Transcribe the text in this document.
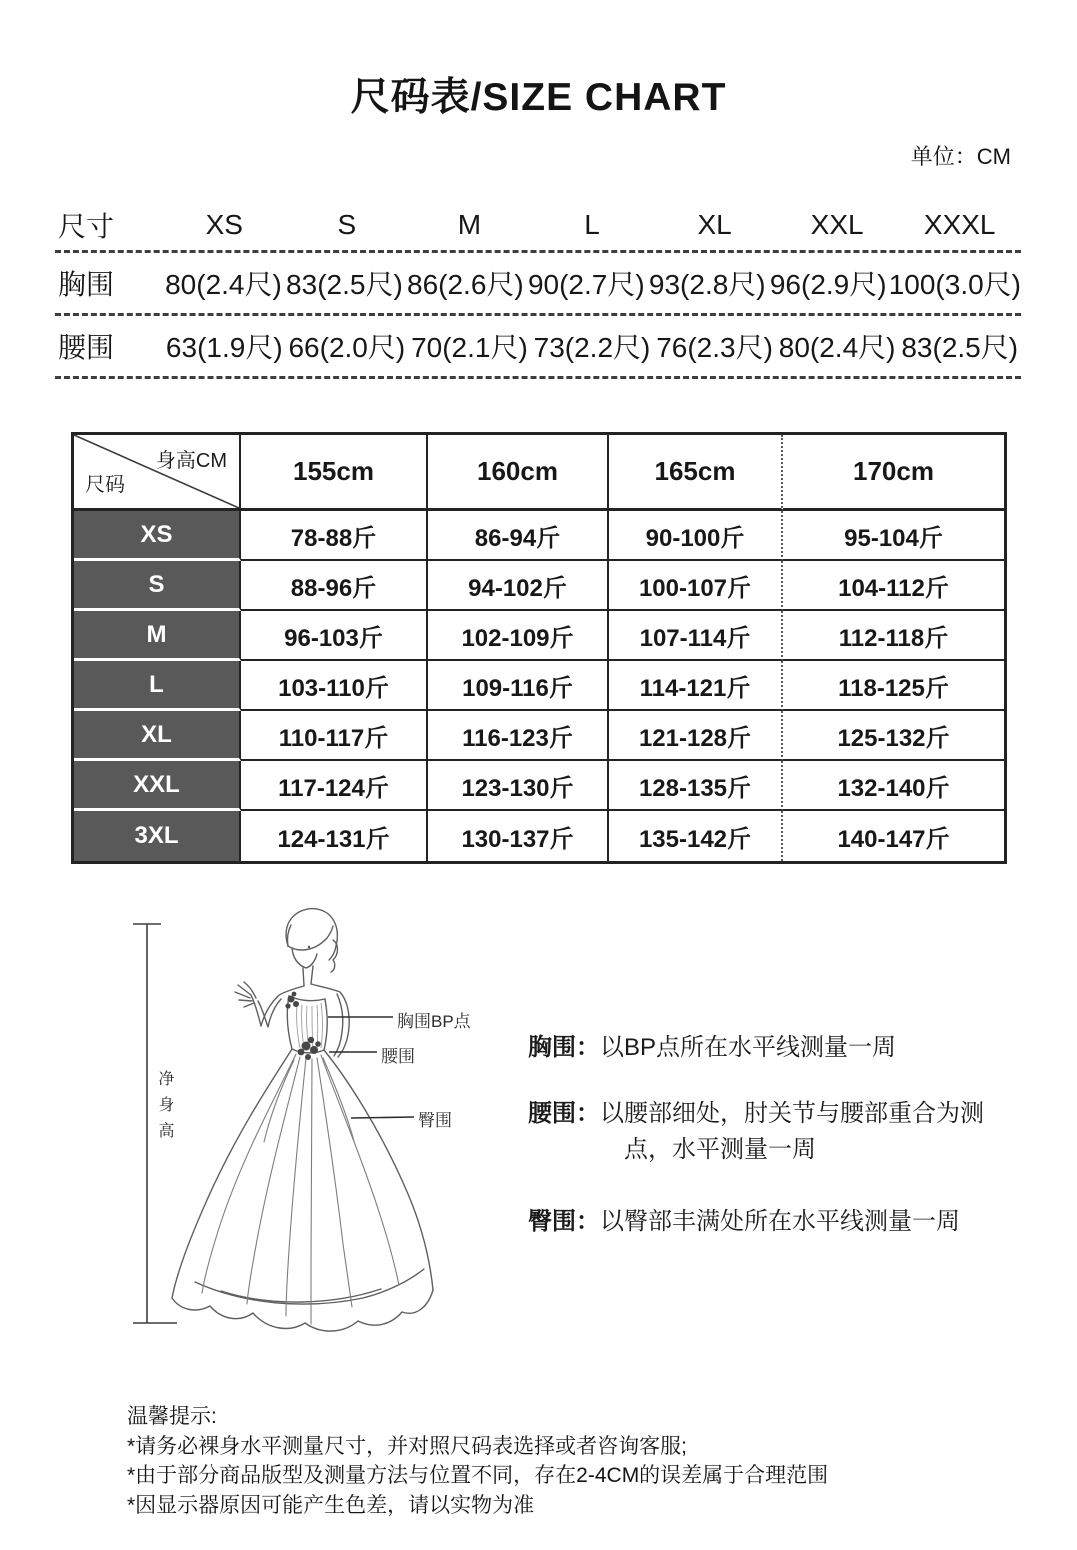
尺码表/SIZE CHART
单位：CM
尺寸	XS	S	M	L	XL	XXL	XXXL
胸围	80(2.4尺) 83(2.5尺) 86(2.6尺) 90(2.7尺) 93(2.8尺) 96(2.9尺) 100(3.0尺)
腰围	63(1.9尺) 66(2.0尺) 70(2.1尺) 73(2.2尺) 76(2.3尺) 80(2.4尺) 83(2.5尺)
身高CM
尺码	155cm	160cm	165cm	170cm
XS	78-88斤	86-94斤	90-100斤	95-104斤
S	88-96斤	94-102斤	100-107斤	104-112斤
M	96-103斤	102-109斤	107-114斤	112-118斤
L	103-110斤	109-116斤	114-121斤	118-125斤
XL	110-117斤	116-123斤	121-128斤	125-132斤
XXL	117-124斤	123-130斤	128-135斤	132-140斤
3XL	124-131斤	130-137斤	135-142斤	140-147斤
净身高
胸围BP点
腰围
臀围
胸围： 以BP点所在水平线测量一周
腰围： 以腰部细处，肘关节与腰部重合为测
点，水平测量一周
臀围： 以臀部丰满处所在水平线测量一周
温馨提示:
*请务必裸身水平测量尺寸，并对照尺码表选择或者咨询客服;
*由于部分商品版型及测量方法与位置不同，存在2-4CM的误差属于合理范围
*因显示器原因可能产生色差，请以实物为准
